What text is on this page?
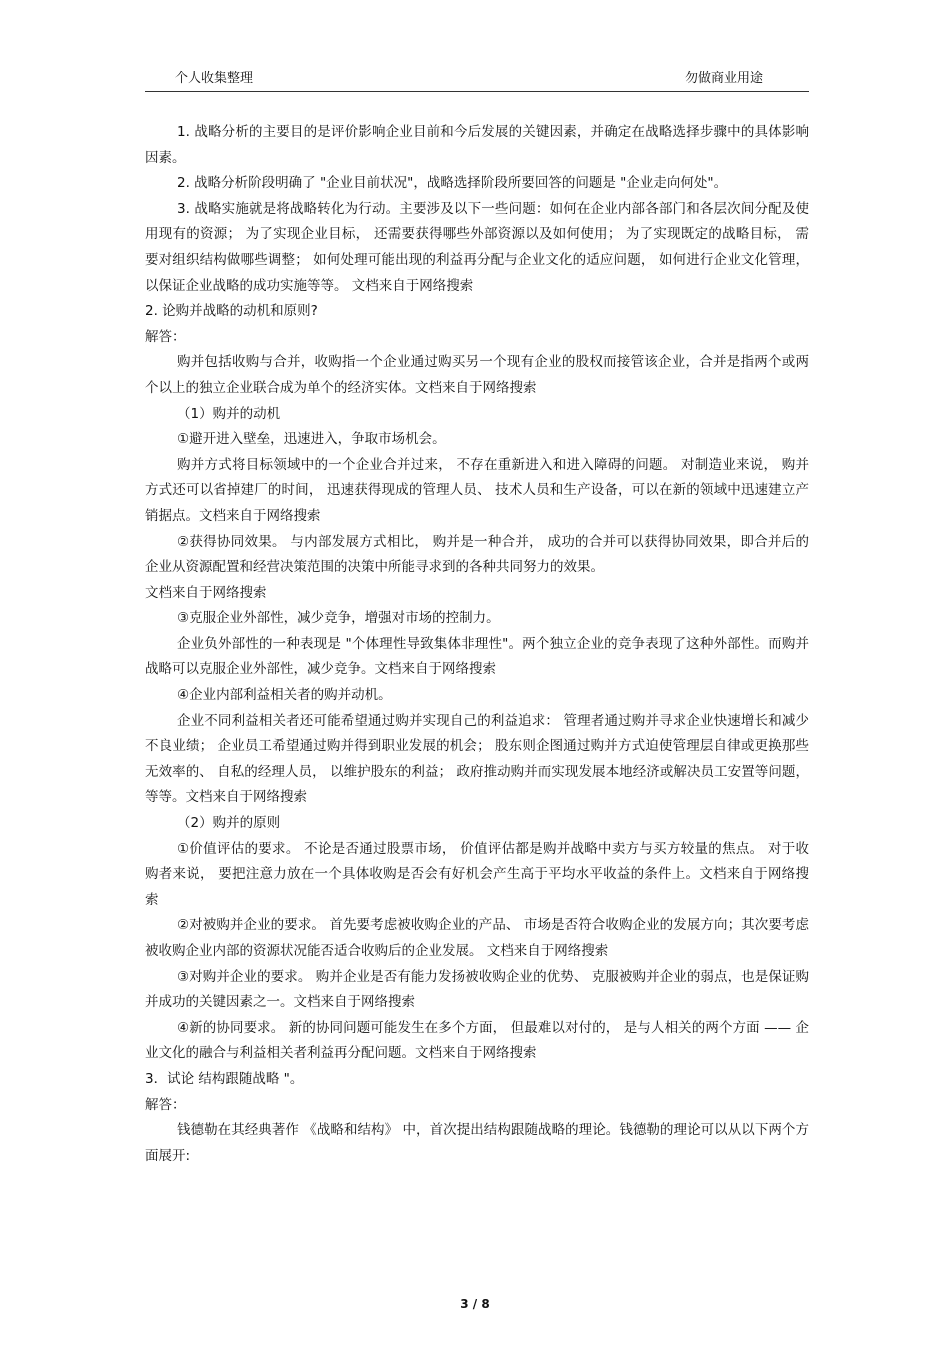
个人收集整理	勿做商业用途

1. 战略分析的主要目的是评价影响企业目前和今后发展的关键因素，并确定在战略选择步骤中的具体影响因素。

2. 战略分析阶段明确了 "企业目前状况"，战略选择阶段所要回答的问题是 "企业走向何处"。

3. 战略实施就是将战略转化为行动。主要涉及以下一些问题：如何在企业内部各部门和各层次间分配及使用现有的资源； 为了实现企业目标， 还需要获得哪些外部资源以及如何使用； 为了实现既定的战略目标， 需要对组织结构做哪些调整； 如何处理可能出现的利益再分配与企业文化的适应问题， 如何进行企业文化管理， 以保证企业战略的成功实施等等。 文档来自于网络搜索

2. 论购并战略的动机和原则?

解答：

购并包括收购与合并，收购指一个企业通过购买另一个现有企业的股权而接管该企业，合并是指两个或两个以上的独立企业联合成为单个的经济实体。文档来自于网络搜索

（1）购并的动机

①避开进入壁垒，迅速进入，争取市场机会。

购并方式将目标领域中的一个企业合并过来， 不存在重新进入和进入障碍的问题。 对制造业来说， 购并方式还可以省掉建厂的时间， 迅速获得现成的管理人员、 技术人员和生产设备，可以在新的领域中迅速建立产销据点。文档来自于网络搜索

②获得协同效果。 与内部发展方式相比， 购并是一种合并， 成功的合并可以获得协同效果，即合并后的企业从资源配置和经营决策范围的决策中所能寻求到的各种共同努力的效果。

文档来自于网络搜索

③克服企业外部性，减少竞争，增强对市场的控制力。

企业负外部性的一种表现是 "个体理性导致集体非理性"。两个独立企业的竞争表现了这种外部性。而购并战略可以克服企业外部性，减少竞争。文档来自于网络搜索

④企业内部利益相关者的购并动机。

企业不同利益相关者还可能希望通过购并实现自己的利益追求： 管理者通过购并寻求企业快速增长和减少不良业绩； 企业员工希望通过购并得到职业发展的机会； 股东则企图通过购并方式迫使管理层自律或更换那些无效率的、 自私的经理人员， 以维护股东的利益； 政府推动购并而实现发展本地经济或解决员工安置等问题，等等。文档来自于网络搜索

（2）购并的原则

①价值评估的要求。 不论是否通过股票市场， 价值评估都是购并战略中卖方与买方较量的焦点。 对于收购者来说， 要把注意力放在一个具体收购是否会有好机会产生高于平均水平收益的条件上。文档来自于网络搜索

②对被购并企业的要求。 首先要考虑被收购企业的产品、 市场是否符合收购企业的发展方向；其次要考虑被收购企业内部的资源状况能否适合收购后的企业发展。 文档来自于网络搜索

③对购并企业的要求。 购并企业是否有能力发扬被收购企业的优势、 克服被购并企业的弱点，也是保证购并成功的关键因素之一。文档来自于网络搜索

④新的协同要求。 新的协同问题可能发生在多个方面， 但最难以对付的， 是与人相关的两个方面 —— 企业文化的融合与利益相关者利益再分配问题。文档来自于网络搜索

3．试论 结构跟随战略 "。

解答：

钱德勒在其经典著作 《战略和结构》 中，首次提出结构跟随战略的理论。钱德勒的理论可以从以下两个方面展开:

3 / 8
